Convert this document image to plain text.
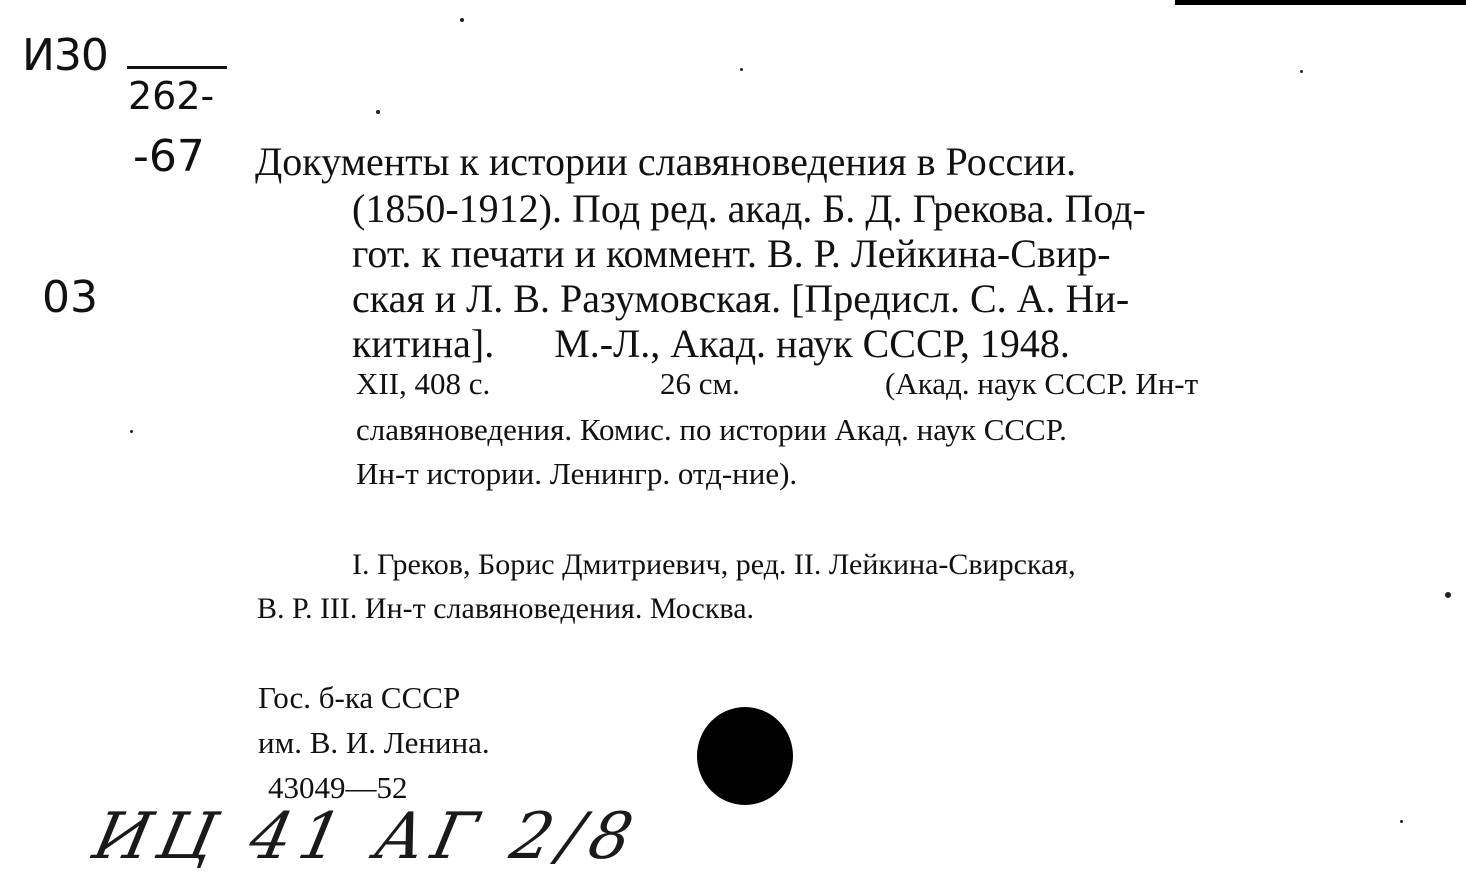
И30
262-
-67
03
Документы к истории славяноведения в России.
(1850-1912). Под ред. акад. Б. Д. Грекова. Под-
гот. к печати и коммент. В. Р. Лейкина-Свир-
ская и Л. В. Разумовская. [Предисл. С. А. Ни-
китина].      М.-Л., Акад. наук СССР, 1948.
XII, 408 с.	26 см.	(Акад. наук СССР. Ин-т
славяноведения. Комис. по истории Акад. наук СССР.
Ин-т истории. Ленингр. отд-ние).
I. Греков, Борис Дмитриевич, ред. II. Лейкина-Свирская,
В. Р. III. Ин-т славяноведения. Москва.
Гос. б-ка СССР
им. В. И. Ленина.
43049—52
ИЦ 41 АГ 2/8
